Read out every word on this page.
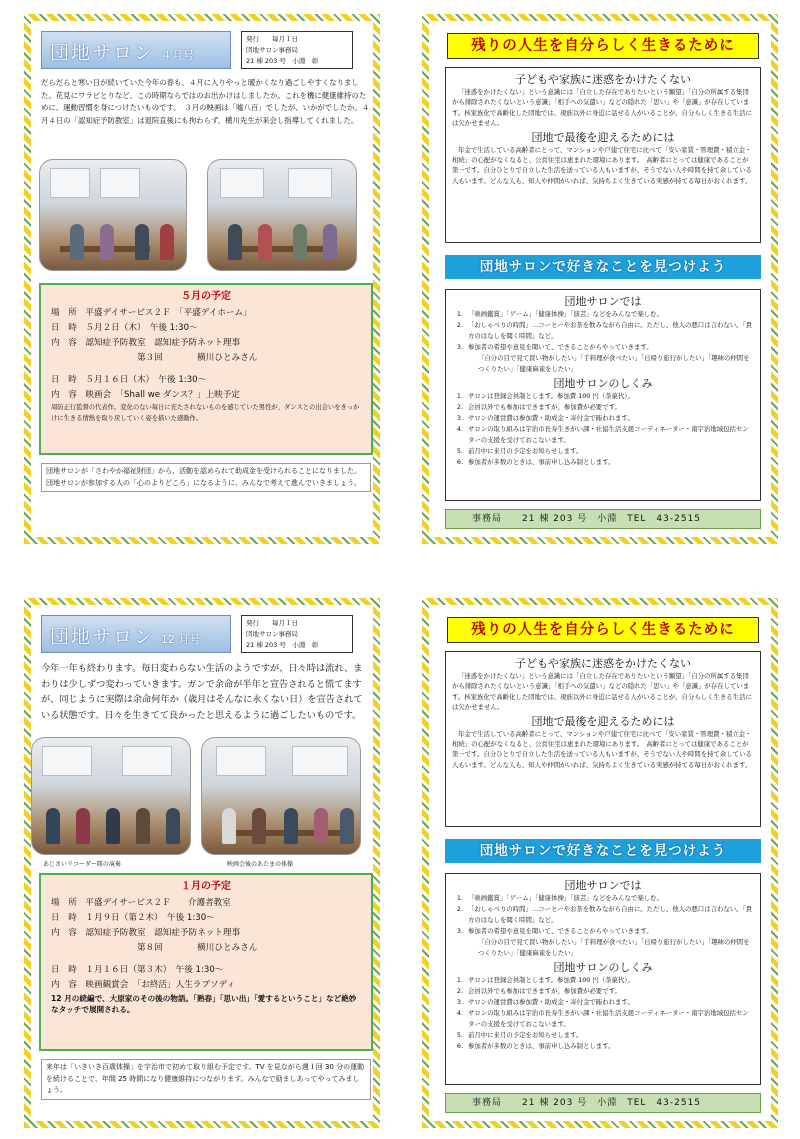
団地サロン ４月号
発行　　毎月１日
団地サロン事務局
21 棟 203 号　小淵　彰
だらだらと寒い日が続いていた今年の春も、４月に入りやっと暖かくなり過ごしやすくなりました。花見にワラビとりなど、この時期ならではのお出かけはしましたか。これを機に健康維持のために、運動習慣を身につけたいものです。　３月の映画は「嘘八百」でしたが、いかがでしたか。４月４日の「認知症予防教室」は退院直後にも拘わらず、横川先生が来会し指導してくれました。
５月の予定
場　所　平盛デイサービス２Ｆ　「平盛デイホーム」
日　時　５月２日（木）　午後 1:30～
内　容　認知症予防教室　認知症予防ネット理事
第３回　　　　横川ひとみさん
日　時　５月１６日（木）　午後 1:30～
内　容　映画会　「Shall we ダンス？」上映予定
周防正行監督の代表作。変化のない毎日に充たされないものを感じていた男性が、ダンスとの出会いをきっかけに生きる情熱を取り戻していく姿を描いた感動作。
団地サロンが「さわやか福祉財団」から、活動を認められて助成金を受けられることになりました。団地サロンが参加する人の「心のよりどころ」になるように、みんなで考えて進んでいきましょう。
残りの人生を自分らしく生きるために
子どもや家族に迷惑をかけたくない
「迷惑をかけたくない」という意識には「自立した存在でありたいという願望」「自分の所属する集団から排除されたくないという意識」「相手への気遣い」などの隠れた「思い」や「意識」が存在しています。核家族化で高齢化した団地では、現族以外に身近に話せる人がいることが、自分らしく生きる生活には欠かせません。
団地で最後を迎えるためには
年金で生活している高齢者にとって、マンションや戸建て住宅に比べて「安い家賃・管理費・積立金・相続」の心配がなくなると、公営住宅は恵まれた環境にあります。　高齢者にとっては健康であることが第一です。自分ひとりで自立した生活を送っている人もいますが、そうでない人や時間を持て余している人もいます。どんな人も、知人や仲間がいれば、気持ちよく生きている実感が持てる毎日がおくれます。
団地サロンで好きなことを見つけよう
団地サロンでは
1. 「映画鑑賞」「ゲーム」「健康体操」「演芸」などをみんなで楽しむ。
2. 「おしゃべりの時間」…コーヒーやお茶を飲みながら自由に。ただし、他人の悪口は言わない。「貴方のはなしを聞く時間」など。
3. 参加者の希望や意見を聞いて、できることからやっていきます。
「自分の目で見て買い物がしたい」「手料理が食べたい」「日帰り旅行がしたい」「趣味の仲間をつくりたい」「健康麻雀をしたい」
団地サロンのしくみ
1. サロンは登録会員制とします。参加費 100 円（茶菓代）。
2. 会員以外でも参加はできますが、参加費が必要です。
3. サロンの運営費は参加費・助成金・寄付金で賄われます。
4. サロンの取り組みは宇治市長寿生きがい課・社協生活支援コーディネーター・南宇治地域包括センターの支援を受けておこないます。
5. 前月中に来月の予定をお知らせします。
6. 参加者が多数のときは、事前申し込み制とします。
事務局　　21 棟 203 号　小淵　TEL　43-2515
団地サロン 12 月号
発行　　毎月１日
団地サロン事務局
21 棟 203 号　小淵　彰
今年一年も終わります。毎日変わらない生活のようですが、日々時は流れ、まわりは少しずつ変わっていきます。ガンで余命が半年と宣告されると慌てますが、同じように実際は余命何年か（歳月はそんなに永くない日）を宣告されている状態です。日々を生きてて良かったと思えるように過ごしたいものです。
あじさいリコーダー隊の演奏	映画会後のあたまの体操
１月の予定
場　所　平盛デイサービス２Ｆ　　介護者教室
日　時　１月９日（第２木）　午後 1:30～
内　容　認知症予防教室　認知症予防ネット理事
第８回　　　　横川ひとみさん
日　時　１月１６日（第３木）　午後 1:30～
内　容　映画観賞会　「お終活」人生ラプソディ
12 月の続編で、大原家のその後の物語。「熟春」「思い出」「愛するということ」など絶妙なタッチで展開される。
来年は「いきいき百歳体操」を宇治市で初めて取り組む予定です。TV を見ながら週１回 30 分の運動を続けることで、年間 25 時間になり健康維持につながります。みんなで励ましあってやってみましょう。
残りの人生を自分らしく生きるために
子どもや家族に迷惑をかけたくない
「迷惑をかけたくない」という意識には「自立した存在でありたいという願望」「自分の所属する集団から排除されたくないという意識」「相手への気遣い」などの隠れた「思い」や「意識」が存在しています。核家族化で高齢化した団地では、現族以外に身近に話せる人がいることが、自分らしく生きる生活には欠かせません。
団地で最後を迎えるためには
年金で生活している高齢者にとって、マンションや戸建て住宅に比べて「安い家賃・管理費・積立金・相続」の心配がなくなると、公営住宅は恵まれた環境にあります。　高齢者にとっては健康であることが第一です。自分ひとりで自立した生活を送っている人もいますが、そうでない人や時間を持て余している人もいます。どんな人も、知人や仲間がいれば、気持ちよく生きている実感が持てる毎日がおくれます。
団地サロンで好きなことを見つけよう
団地サロンでは
1. 「映画鑑賞」「ゲーム」「健康体操」「演芸」などをみんなで楽しむ。
2. 「おしゃべりの時間」…コーヒーやお茶を飲みながら自由に。ただし、他人の悪口は言わない。「貴方のはなしを聞く時間」など。
3. 参加者の希望や意見を聞いて、できることからやっていきます。
「自分の目で見て買い物がしたい」「手料理が食べたい」「日帰り旅行がしたい」「趣味の仲間をつくりたい」「健康麻雀をしたい」
団地サロンのしくみ
1. サロンは登録会員制とします。参加費 100 円（茶菓代）。
2. 会員以外でも参加はできますが、参加費が必要です。
3. サロンの運営費は参加費・助成金・寄付金で賄われます。
4. サロンの取り組みは宇治市長寿生きがい課・社協生活支援コーディネーター・南宇治地域包括センターの支援を受けておこないます。
5. 前月中に来月の予定をお知らせします。
6. 参加者が多数のときは、事前申し込み制とします。
事務局　　21 棟 203 号　小淵　TEL　43-2515
